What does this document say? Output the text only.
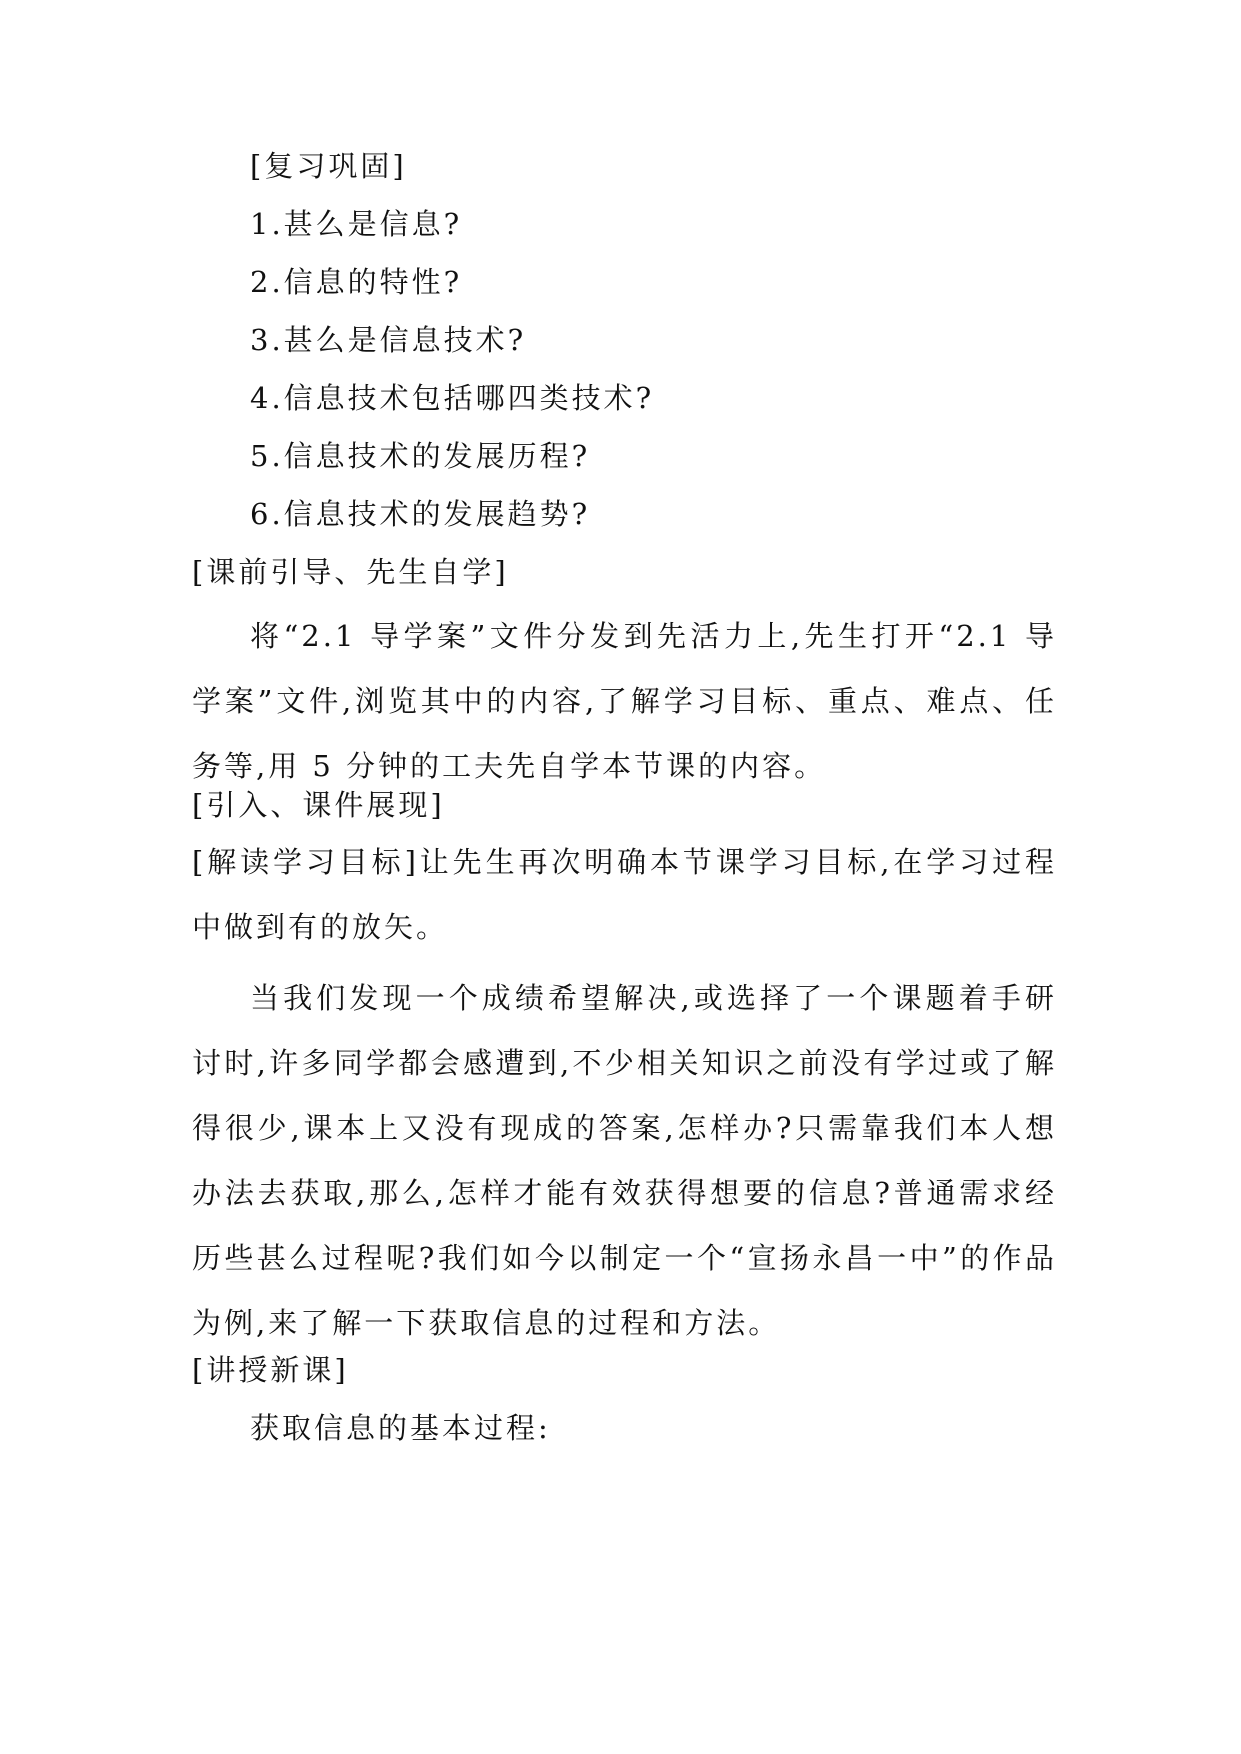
[复习巩固]
1.甚么是信息?
2.信息的特性?
3.甚么是信息技术?
4.信息技术包括哪四类技术?
5.信息技术的发展历程?
6.信息技术的发展趋势?
[课前引导、先生自学]
将“2.1 导学案”文件分发到先活力上,先生打开“2.1 导学案”文件,浏览其中的内容,了解学习目标、重点、难点、任务等,用 5 分钟的工夫先自学本节课的内容。
[引入、课件展现]
[解读学习目标]让先生再次明确本节课学习目标,在学习过程中做到有的放矢。
当我们发现一个成绩希望解决,或选择了一个课题着手研讨时,许多同学都会感遭到,不少相关知识之前没有学过或了解得很少,课本上又没有现成的答案,怎样办?只需靠我们本人想办法去获取,那么,怎样才能有效获得想要的信息?普通需求经历些甚么过程呢?我们如今以制定一个“宣扬永昌一中”的作品为例,来了解一下获取信息的过程和方法。
[讲授新课]
获取信息的基本过程:
